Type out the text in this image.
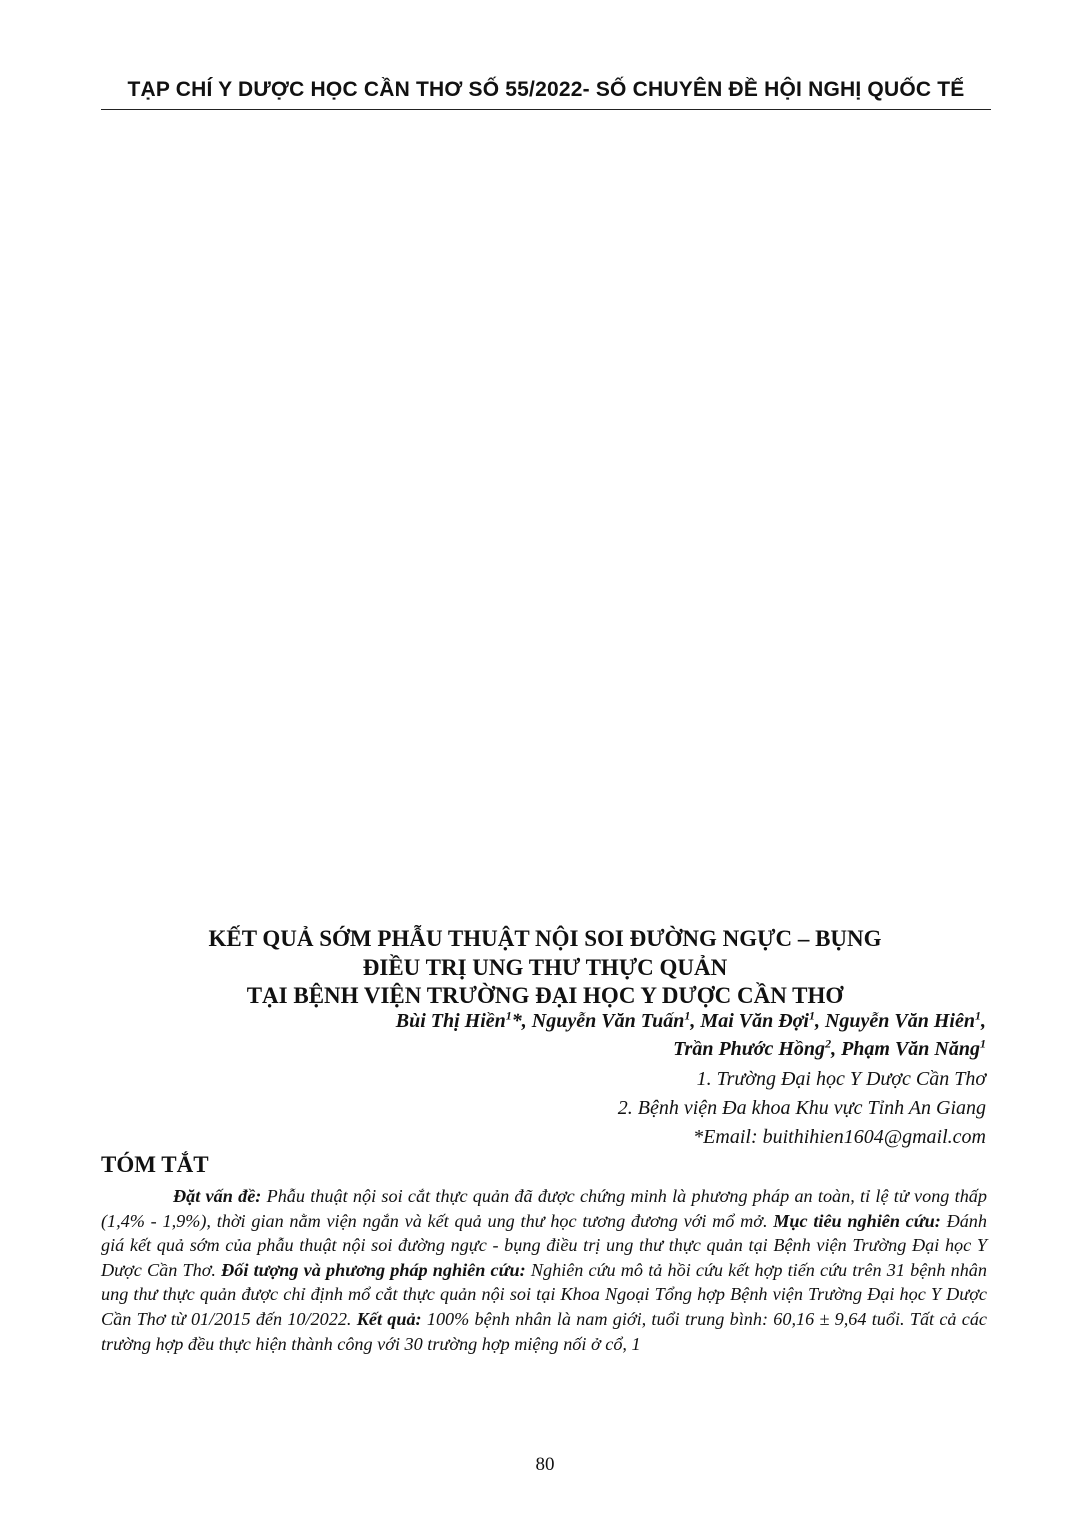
TẠP CHÍ Y DƯỢC HỌC CẦN THƠ SỐ 55/2022- SỐ CHUYÊN ĐỀ HỘI NGHỊ QUỐC TẾ
KẾT QUẢ SỚM PHẪU THUẬT NỘI SOI ĐƯỜNG NGỰC – BỤNG
ĐIỀU TRỊ UNG THƯ THỰC QUẢN
TẠI BỆNH VIỆN TRƯỜNG ĐẠI HỌC Y DƯỢC CẦN THƠ
Bùi Thị Hiền$^1$*, Nguyễn Văn Tuấn$^1$, Mai Văn Đợi$^1$, Nguyễn Văn Hiên$^1$,
Trần Phước Hồng$^2$, Phạm Văn Năng$^1$
1. Trường Đại học Y Dược Cần Thơ
2. Bệnh viện Đa khoa Khu vực Tỉnh An Giang
*Email: buithihien1604@gmail.com
TÓM TẮT

Đặt vấn đề: Phẫu thuật nội soi cắt thực quản đã được chứng minh là phương pháp an toàn, tỉ lệ tử vong thấp (1,4% - 1,9%), thời gian nằm viện ngắn và kết quả ung thư học tương đương với mổ mở. Mục tiêu nghiên cứu: Đánh giá kết quả sớm của phẫu thuật nội soi đường ngực - bụng điều trị ung thư thực quản tại Bệnh viện Trường Đại học Y Dược Cần Thơ. Đối tượng và phương pháp nghiên cứu: Nghiên cứu mô tả hồi cứu kết hợp tiến cứu trên 31 bệnh nhân ung thư thực quản được chỉ định mổ cắt thực quản nội soi tại Khoa Ngoại Tổng hợp Bệnh viện Trường Đại học Y Dược Cần Thơ từ 01/2015 đến 10/2022. Kết quả: 100% bệnh nhân là nam giới, tuổi trung bình: 60,16 ± 9,64 tuổi. Tất cả các trường hợp đều thực hiện thành công với 30 trường hợp miệng nối ở cổ, 1

80
